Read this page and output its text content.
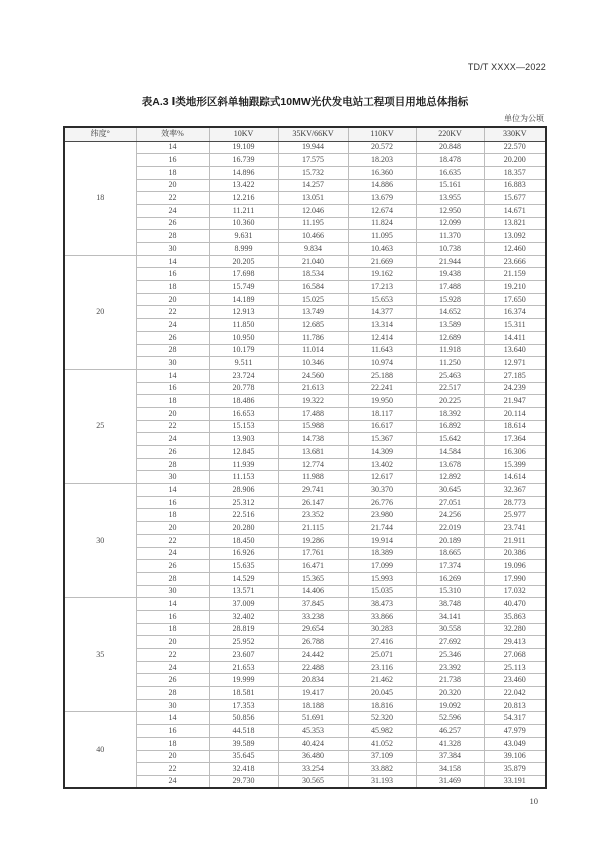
TD/T XXXX—2022
表A.3 Ⅰ类地形区斜单轴跟踪式10MW光伏发电站工程项目用地总体指标
单位为公顷
纬度°	效率%	10KV	35KV/66KV	110KV	220KV	330KV
18	14	19.109	19.944	20.572	20.848	22.570
	16	16.739	17.575	18.203	18.478	20.200
	18	14.896	15.732	16.360	16.635	18.357
	20	13.422	14.257	14.886	15.161	16.883
	22	12.216	13.051	13.679	13.955	15.677
	24	11.211	12.046	12.674	12.950	14.671
	26	10.360	11.195	11.824	12.099	13.821
	28	9.631	10.466	11.095	11.370	13.092
	30	8.999	9.834	10.463	10.738	12.460
20	14	20.205	21.040	21.669	21.944	23.666
	16	17.698	18.534	19.162	19.438	21.159
	18	15.749	16.584	17.213	17.488	19.210
	20	14.189	15.025	15.653	15.928	17.650
	22	12.913	13.749	14.377	14.652	16.374
	24	11.850	12.685	13.314	13.589	15.311
	26	10.950	11.786	12.414	12.689	14.411
	28	10.179	11.014	11.643	11.918	13.640
	30	9.511	10.346	10.974	11.250	12.971
25	14	23.724	24.560	25.188	25.463	27.185
	16	20.778	21.613	22.241	22.517	24.239
	18	18.486	19.322	19.950	20.225	21.947
	20	16.653	17.488	18.117	18.392	20.114
	22	15.153	15.988	16.617	16.892	18.614
	24	13.903	14.738	15.367	15.642	17.364
	26	12.845	13.681	14.309	14.584	16.306
	28	11.939	12.774	13.402	13.678	15.399
	30	11.153	11.988	12.617	12.892	14.614
30	14	28.906	29.741	30.370	30.645	32.367
	16	25.312	26.147	26.776	27.051	28.773
	18	22.516	23.352	23.980	24.256	25.977
	20	20.280	21.115	21.744	22.019	23.741
	22	18.450	19.286	19.914	20.189	21.911
	24	16.926	17.761	18.389	18.665	20.386
	26	15.635	16.471	17.099	17.374	19.096
	28	14.529	15.365	15.993	16.269	17.990
	30	13.571	14.406	15.035	15.310	17.032
35	14	37.009	37.845	38.473	38.748	40.470
	16	32.402	33.238	33.866	34.141	35.863
	18	28.819	29.654	30.283	30.558	32.280
	20	25.952	26.788	27.416	27.692	29.413
	22	23.607	24.442	25.071	25.346	27.068
	24	21.653	22.488	23.116	23.392	25.113
	26	19.999	20.834	21.462	21.738	23.460
	28	18.581	19.417	20.045	20.320	22.042
	30	17.353	18.188	18.816	19.092	20.813
40	14	50.856	51.691	52.320	52.596	54.317
	16	44.518	45.353	45.982	46.257	47.979
	18	39.589	40.424	41.052	41.328	43.049
	20	35.645	36.480	37.109	37.384	39.106
	22	32.418	33.254	33.882	34.158	35.879
	24	29.730	30.565	31.193	31.469	33.191
10
